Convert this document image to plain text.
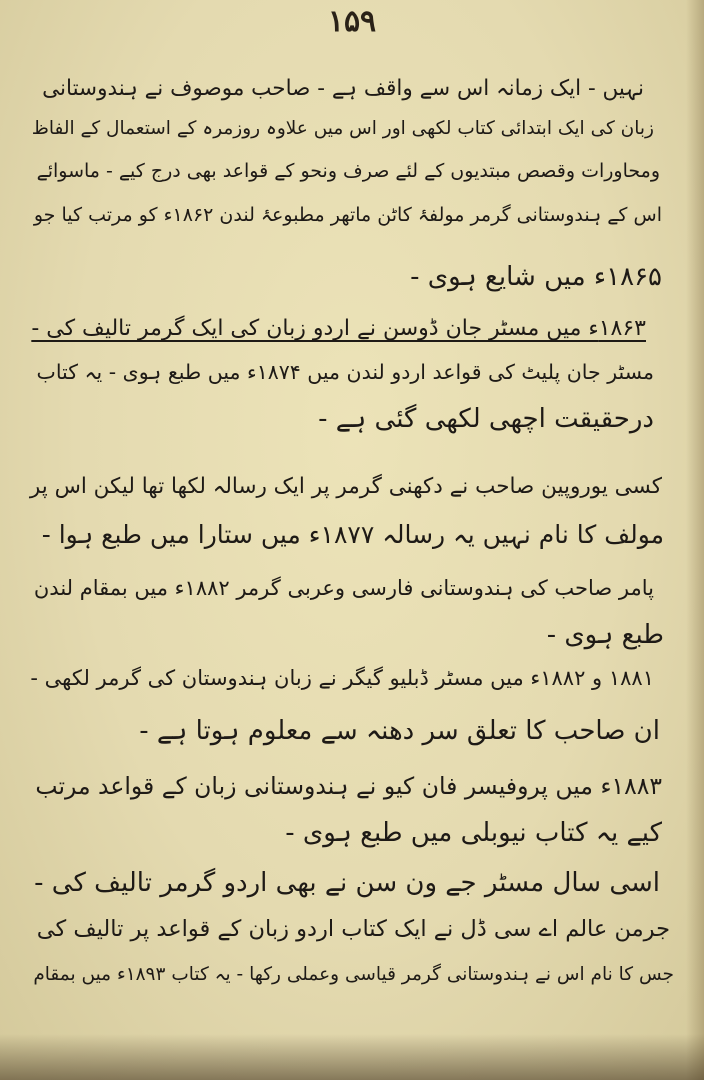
۱۵۹
نہیں - ایک زمانہ اس سے واقف ہے - صاحب موصوف نے ہندوستانی
زبان کی ایک ابتدائی کتاب لکھی اور اس میں علاوہ روزمرہ کے استعمال کے الفاظ
ومحاورات وقصص مبتدیوں کے لئے صرف ونحو کے قواعد بھی درج کیے - ماسوائے
اس کے ہندوستانی گرمر مولفۂ کاٹن ماتھر مطبوعۂ لندن ۱۸۶۲ء کو مرتب کیا جو
۱۸۶۵ء میں شایع ہوی -
۱۸۶۳ء میں مسٹر جان ڈوسن نے اردو زبان کی ایک گرمر تالیف کی -
مسٹر جان پلیٹ کی قواعد اردو لندن میں ۱۸۷۴ء میں طبع ہوی - یہ کتاب
درحقیقت اچھی لکھی گئی ہے -
کسی یوروپین صاحب نے دکھنی گرمر پر ایک رسالہ لکھا تھا لیکن اس پر
مولف کا نام نہیں یہ رسالہ ۱۸۷۷ء میں ستارا میں طبع ہوا -
پامر صاحب کی ہندوستانی فارسی وعربی گرمر ۱۸۸۲ء میں بمقام لندن
طبع ہوی -
۱۸۸۱ و ۱۸۸۲ء میں مسٹر ڈبلیو گیگر نے زبان ہندوستان کی گرمر لکھی -
ان صاحب کا تعلق سر دھنہ سے معلوم ہوتا ہے -
۱۸۸۳ء میں پروفیسر فان کیو نے ہندوستانی زبان کے قواعد مرتب
کیے یہ کتاب نیوبلی میں طبع ہوی -
اسی سال مسٹر جے ون سن نے بھی اردو گرمر تالیف کی -
جرمن عالم اے سی ڈل نے ایک کتاب اردو زبان کے قواعد پر تالیف کی
جس کا نام اس نے ہندوستانی گرمر قیاسی وعملی رکھا - یہ کتاب ۱۸۹۳ء میں بمقام
